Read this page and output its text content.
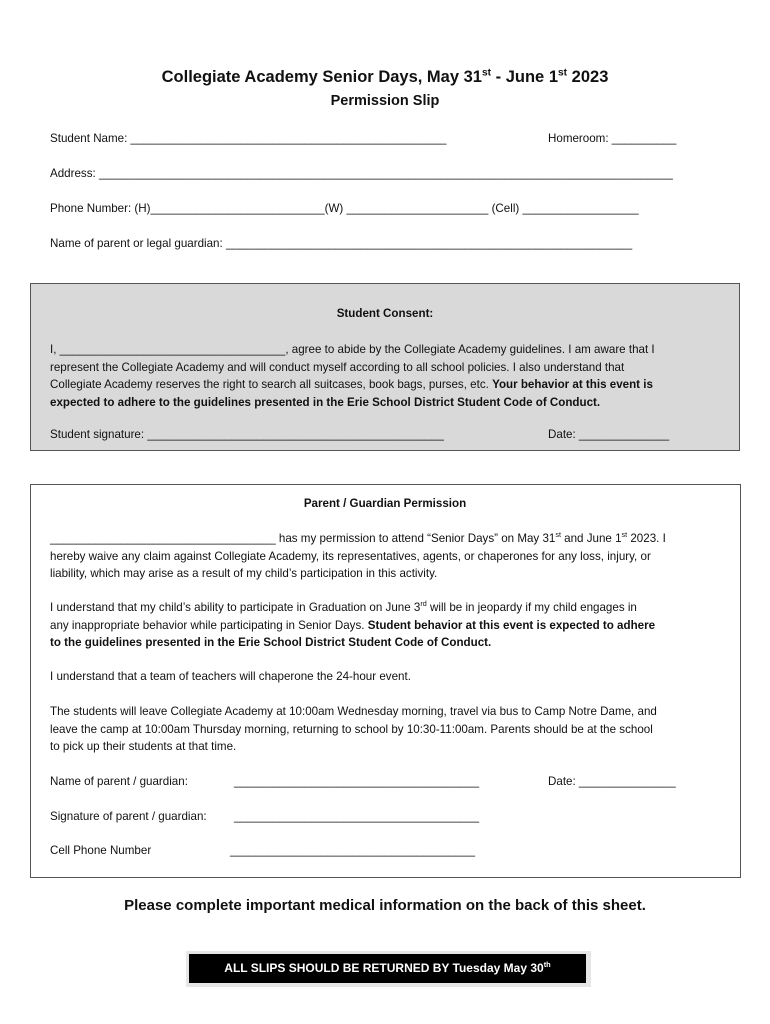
Collegiate Academy Senior Days, May 31st - June 1st 2023
Permission Slip
Student Name: _________________________________________________	Homeroom: __________
Address: _________________________________________________________________________________________
Phone Number: (H)___________________________(W) ______________________ (Cell) __________________
Name of parent or legal guardian: _______________________________________________________________
Student Consent:
I, ___________________________________, agree to abide by the Collegiate Academy guidelines. I am aware that I
represent the Collegiate Academy and will conduct myself according to all school policies. I also understand that
Collegiate Academy reserves the right to search all suitcases, book bags, purses, etc. Your behavior at this event is
expected to adhere to the guidelines presented in the Erie School District Student Code of Conduct.
Student signature: ______________________________________________	Date: ______________
Parent / Guardian Permission
___________________________________ has my permission to attend “Senior Days” on May 31st and June 1st 2023. I
hereby waive any claim against Collegiate Academy, its representatives, agents, or chaperones for any loss, injury, or
liability, which may arise as a result of my child’s participation in this activity.
I understand that my child’s ability to participate in Graduation on June 3rd will be in jeopardy if my child engages in
any inappropriate behavior while participating in Senior Days. Student behavior at this event is expected to adhere
to the guidelines presented in the Erie School District Student Code of Conduct.
I understand that a team of teachers will chaperone the 24-hour event.
The students will leave Collegiate Academy at 10:00am Wednesday morning, travel via bus to Camp Notre Dame, and
leave the camp at 10:00am Thursday morning, returning to school by 10:30-11:00am. Parents should be at the school
to pick up their students at that time.
Name of parent / guardian:	______________________________________	Date: _______________
Signature of parent / guardian: ______________________________________
Cell Phone Number	______________________________________
Please complete important medical information on the back of this sheet.
ALL SLIPS SHOULD BE RETURNED BY Tuesday May 30th
